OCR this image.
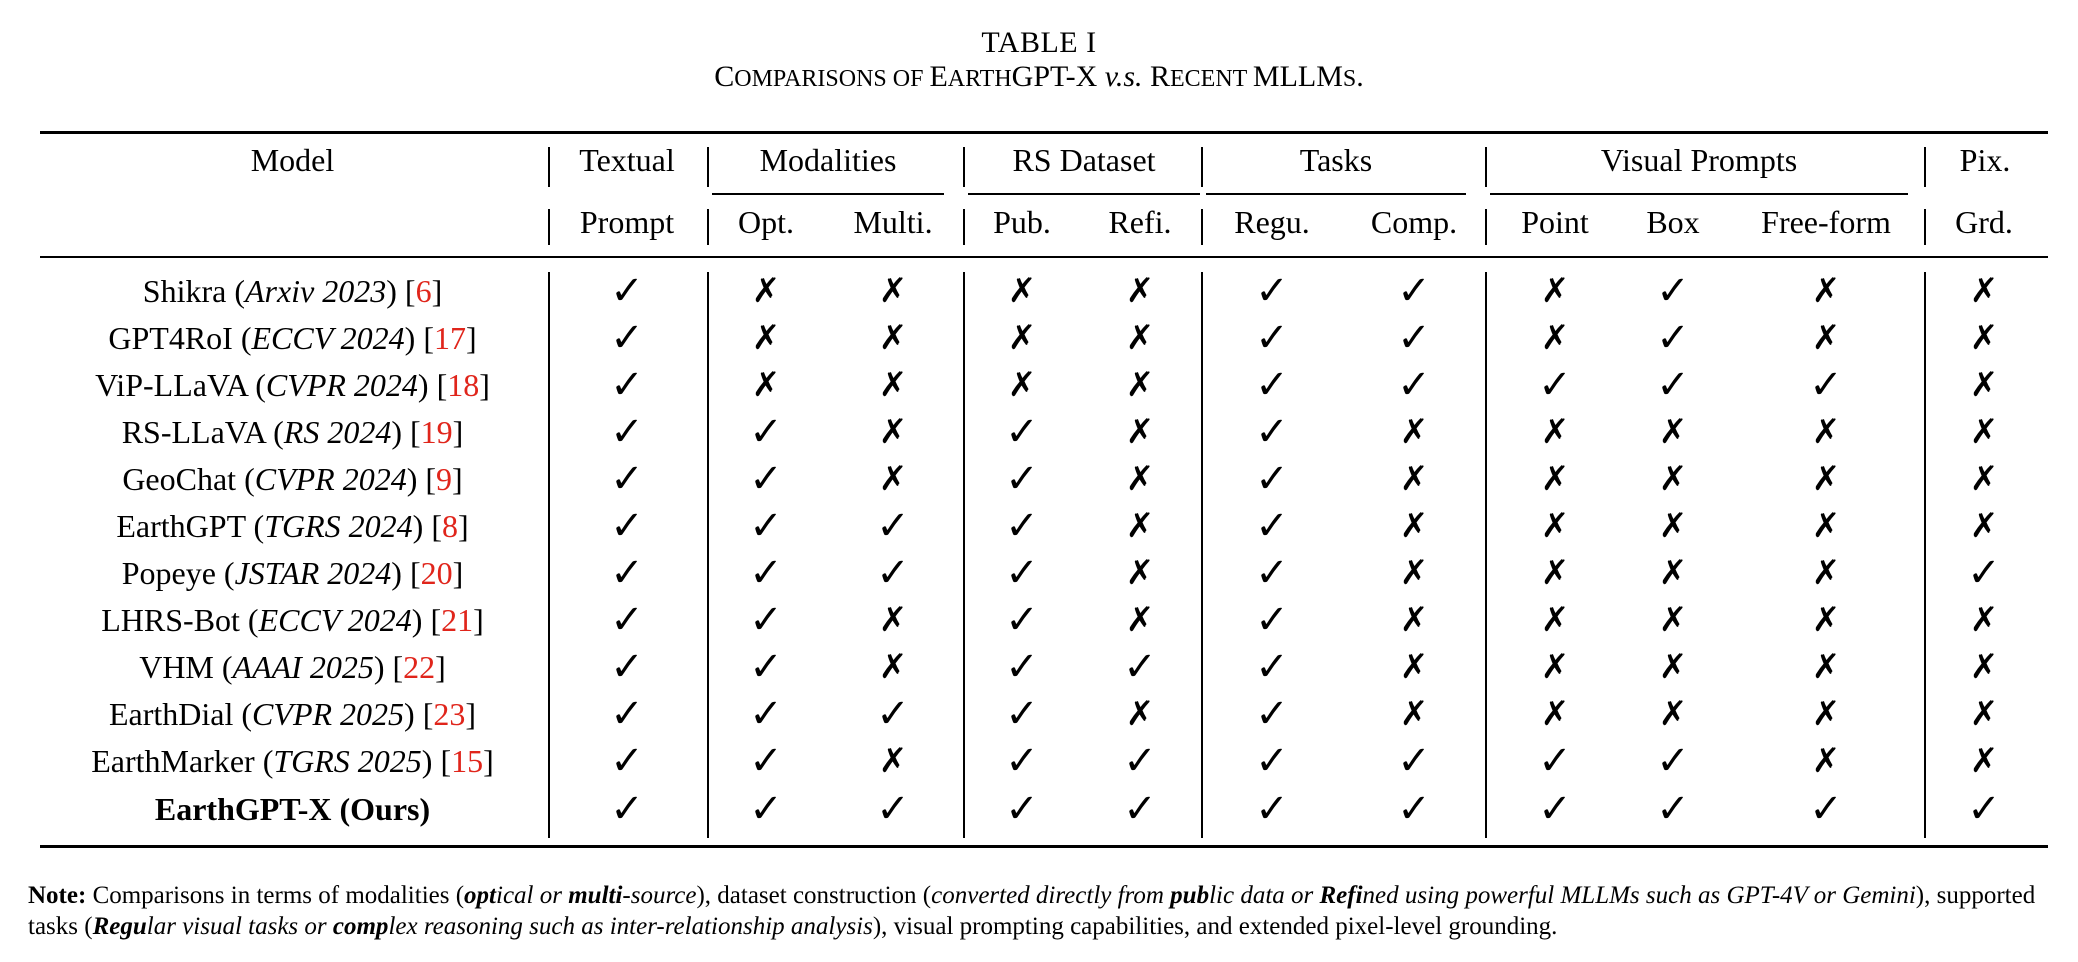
TABLE I
COMPARISONS OF EARTHGPT-X v.s. RECENT MLLMS.
Model	Textual	Modalities	RS Dataset	Tasks	Visual Prompts	Pix.
Prompt	Opt.	Multi.	Pub.	Refi.	Regu.	Comp.	Point	Box	Free-form	Grd.
Shikra (Arxiv 2023) [6]	✓	✗	✗	✗	✗	✓	✓	✗	✓	✗	✗
GPT4RoI (ECCV 2024) [17]	✓	✗	✗	✗	✗	✓	✓	✗	✓	✗	✗
ViP-LLaVA (CVPR 2024) [18]	✓	✗	✗	✗	✗	✓	✓	✓	✓	✓	✗
RS-LLaVA (RS 2024) [19]	✓	✓	✗	✓	✗	✓	✗	✗	✗	✗	✗
GeoChat (CVPR 2024) [9]	✓	✓	✗	✓	✗	✓	✗	✗	✗	✗	✗
EarthGPT (TGRS 2024) [8]	✓	✓	✓	✓	✗	✓	✗	✗	✗	✗	✗
Popeye (JSTAR 2024) [20]	✓	✓	✓	✓	✗	✓	✗	✗	✗	✗	✓
LHRS-Bot (ECCV 2024) [21]	✓	✓	✗	✓	✗	✓	✗	✗	✗	✗	✗
VHM (AAAI 2025) [22]	✓	✓	✗	✓	✓	✓	✗	✗	✗	✗	✗
EarthDial (CVPR 2025) [23]	✓	✓	✓	✓	✗	✓	✗	✗	✗	✗	✗
EarthMarker (TGRS 2025) [15]	✓	✓	✗	✓	✓	✓	✓	✓	✓	✗	✗
EarthGPT-X (Ours)	✓	✓	✓	✓	✓	✓	✓	✓	✓	✓	✓
Note: Comparisons in terms of modalities (optical or multi-source), dataset construction (converted directly from public data or Refined using powerful MLLMs such as GPT-4V or Gemini), supported tasks (Regular visual tasks or complex reasoning such as inter-relationship analysis), visual prompting capabilities, and extended pixel-level grounding.
